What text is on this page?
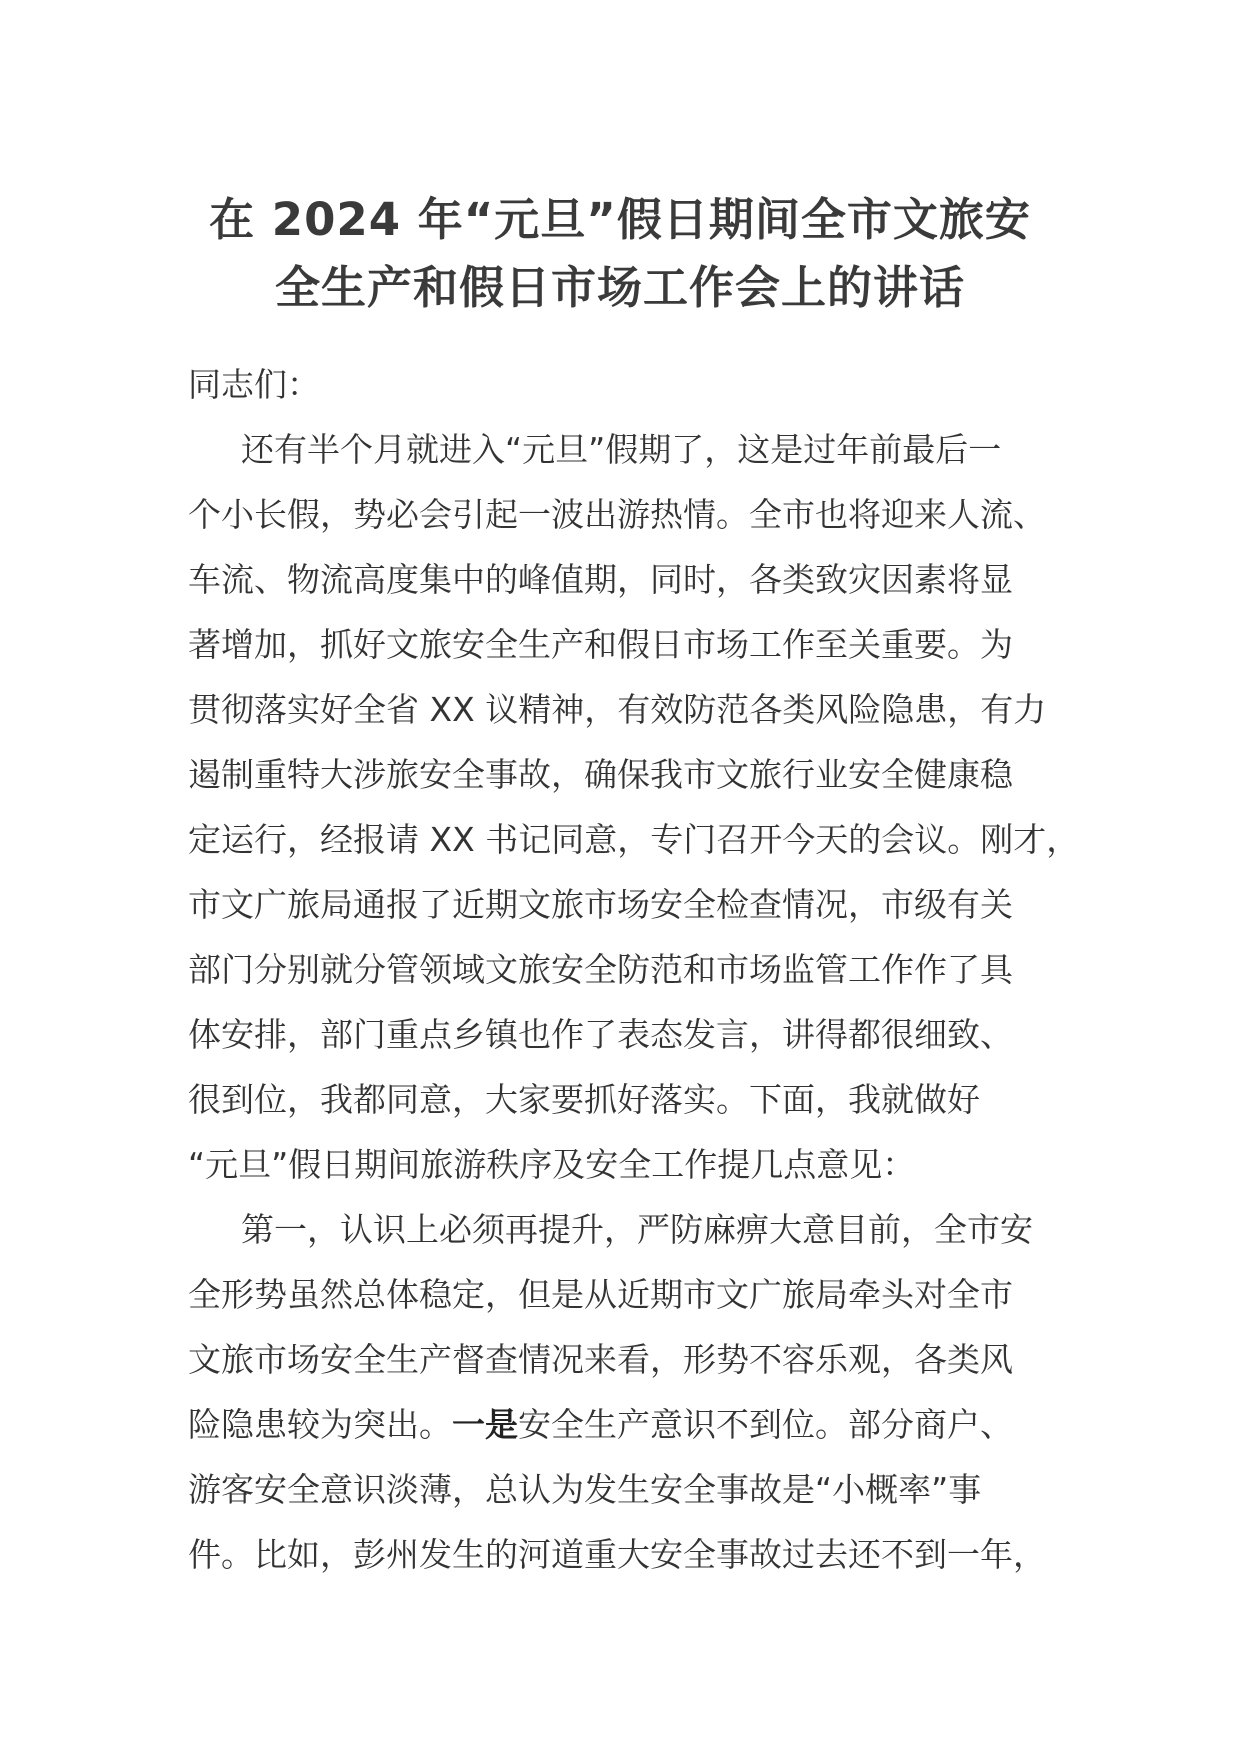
在 2024 年“元旦”假日期间全市文旅安
全生产和假日市场工作会上的讲话
同志们：
还有半个月就进入“元旦”假期了，这是过年前最后一
个小长假，势必会引起一波出游热情。全市也将迎来人流、
车流、物流高度集中的峰值期，同时，各类致灾因素将显
著增加，抓好文旅安全生产和假日市场工作至关重要。为
贯彻落实好全省 XX 议精神，有效防范各类风险隐患，有力
遏制重特大涉旅安全事故，确保我市文旅行业安全健康稳
定运行，经报请 XX 书记同意，专门召开今天的会议。刚才，
市文广旅局通报了近期文旅市场安全检查情况，市级有关
部门分别就分管领域文旅安全防范和市场监管工作作了具
体安排，部门重点乡镇也作了表态发言，讲得都很细致、
很到位，我都同意，大家要抓好落实。下面，我就做好
“元旦”假日期间旅游秩序及安全工作提几点意见：
第一，认识上必须再提升，严防麻痹大意目前，全市安
全形势虽然总体稳定，但是从近期市文广旅局牵头对全市
文旅市场安全生产督查情况来看，形势不容乐观，各类风
险隐患较为突出。一是安全生产意识不到位。部分商户、
游客安全意识淡薄，总认为发生安全事故是“小概率”事
件。比如，彭州发生的河道重大安全事故过去还不到一年，
